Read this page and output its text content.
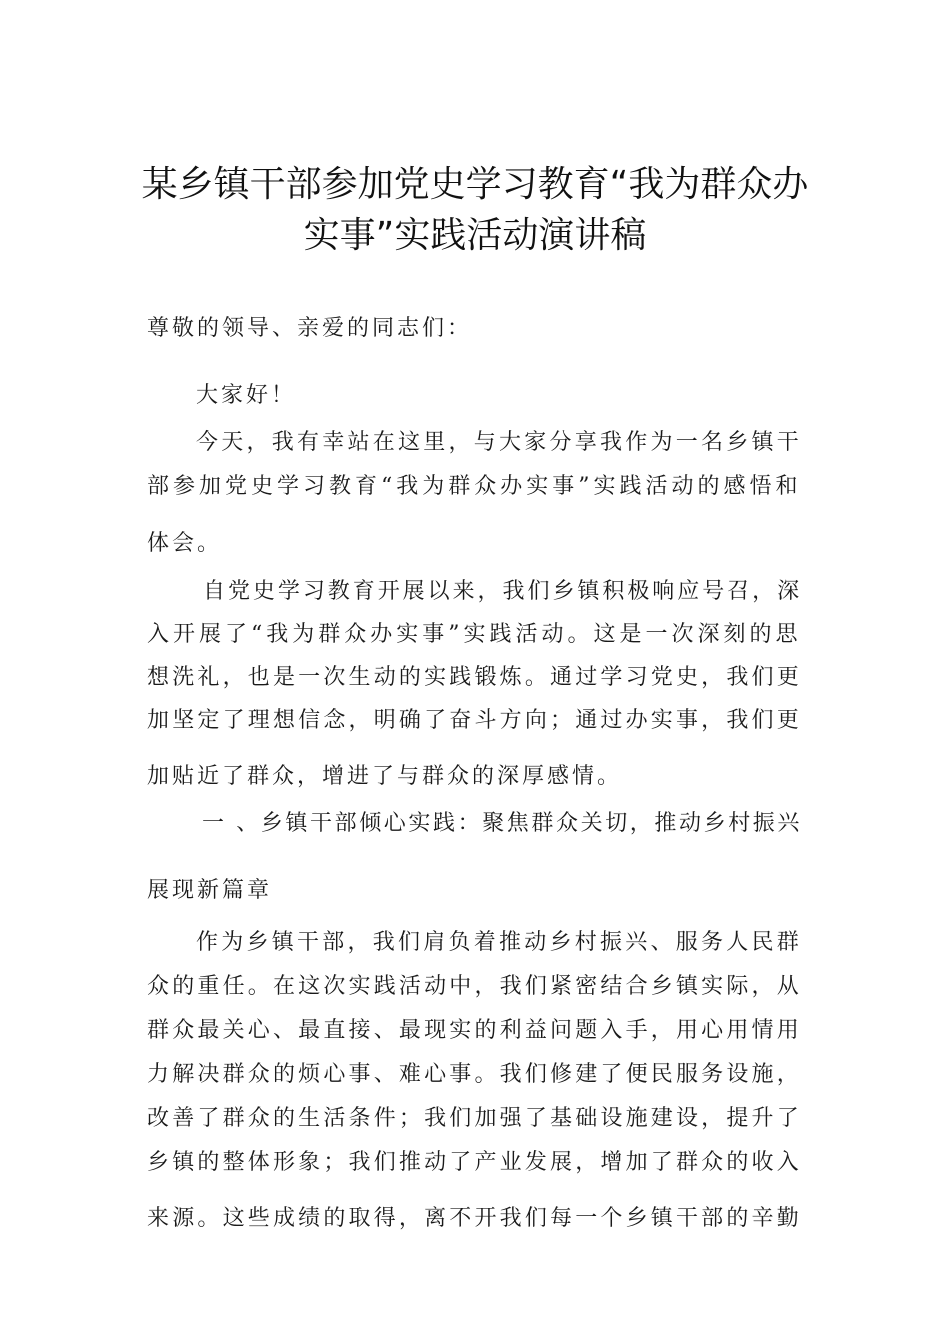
某乡镇干部参加党史学习教育“我为群众办
实事”实践活动演讲稿
尊敬的领导、亲爱的同志们：
大家好！
今天，我有幸站在这里，与大家分享我作为一名乡镇干
部参加党史学习教育“我为群众办实事”实践活动的感悟和
体会。
自党史学习教育开展以来，我们乡镇积极响应号召，深
入开展了“我为群众办实事”实践活动。这是一次深刻的思
想洗礼，也是一次生动的实践锻炼。通过学习党史，我们更
加坚定了理想信念，明确了奋斗方向；通过办实事，我们更
加贴近了群众，增进了与群众的深厚感情。
一 、乡镇干部倾心实践：聚焦群众关切，推动乡村振兴
展现新篇章
作为乡镇干部，我们肩负着推动乡村振兴、服务人民群
众的重任。在这次实践活动中，我们紧密结合乡镇实际，从
群众最关心、最直接、最现实的利益问题入手，用心用情用
力解决群众的烦心事、难心事。我们修建了便民服务设施，
改善了群众的生活条件；我们加强了基础设施建设，提升了
乡镇的整体形象；我们推动了产业发展，增加了群众的收入
来源。这些成绩的取得，离不开我们每一个乡镇干部的辛勤
